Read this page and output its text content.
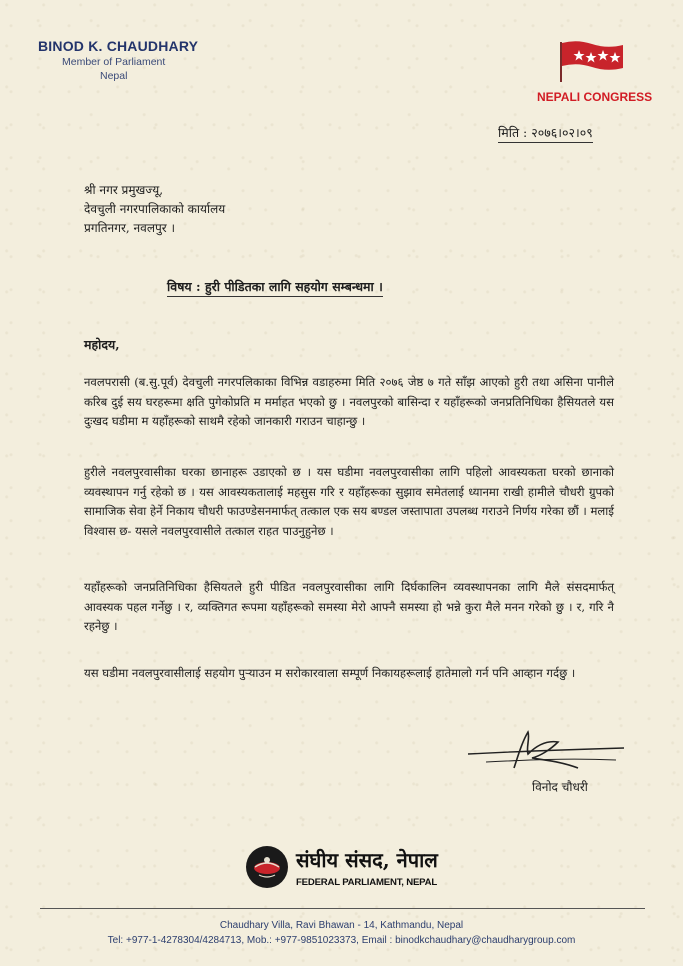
BINOD K. CHAUDHARY
Member of Parliament
Nepal
NEPALI CONGRESS
मिति : २०७६।०२।०९
श्री नगर प्रमुखज्यू,
देवचुली नगरपालिकाको कार्यालय
प्रगतिनगर, नवलपुर ।
विषय : हुरी पीडितका लागि सहयोग सम्बन्धमा ।
महोदय,
नवलपरासी (ब.सु.पूर्व) देवचुली नगरपलिकाका विभिन्न वडाहरुमा मिति २०७६ जेष्ठ ७ गते साँझ आएको हुरी तथा असिना पानीले करिब दुई सय घरहरूमा क्षति पुगेकोप्रति म मर्माहत भएको छु । नवलपुरको बासिन्दा र यहाँहरूको जनप्रतिनिधिका हैसियतले यस दुःखद घडीमा म यहाँहरूको साथमै रहेको जानकारी गराउन चाहान्छु ।
हुरीले नवलपुरवासीका घरका छानाहरू उडाएको छ । यस घडीमा नवलपुरवासीका लागि पहिलो आवस्यकता घरको छानाको व्यवस्थापन गर्नु रहेको छ । यस आवस्यकतालाई महसुस गरि र यहाँहरूका सुझाव समेतलाई ध्यानमा राखी हामीले चौधरी ग्रुपको सामाजिक सेवा हेर्ने निकाय चौधरी फाउण्डेसनमार्फत् तत्काल एक सय बण्डल जस्तापाता उपलब्ध गराउने निर्णय गरेका छौं । मलाई विश्वास छ- यसले नवलपुरवासीले तत्काल राहत पाउनुहुनेछ ।
यहाँहरूको जनप्रतिनिधिका हैसियतले हुरी पीडित नवलपुरवासीका लागि दिर्घकालिन व्यवस्थापनका लागि मैले संसदमार्फत् आवस्यक पहल गर्नेछु । र, व्यक्तिगत रूपमा यहाँहरूको समस्या मेरो आफ्नै समस्या हो भन्ने कुरा मैले मनन गरेको छु । र, गरि नै रहनेछु ।
यस घडीमा नवलपुरवासीलाई सहयोग पुऱ्याउन म सरोकारवाला सम्पूर्ण निकायहरूलाई हातेमालो गर्न पनि आव्हान गर्दछु ।
विनोद चौधरी
संघीय संसद, नेपाल
FEDERAL PARLIAMENT, NEPAL
Chaudhary Villa, Ravi Bhawan - 14, Kathmandu, Nepal
Tel: +977-1-4278304/4284713, Mob.: +977-9851023373, Email : binodkchaudhary@chaudharygroup.com
